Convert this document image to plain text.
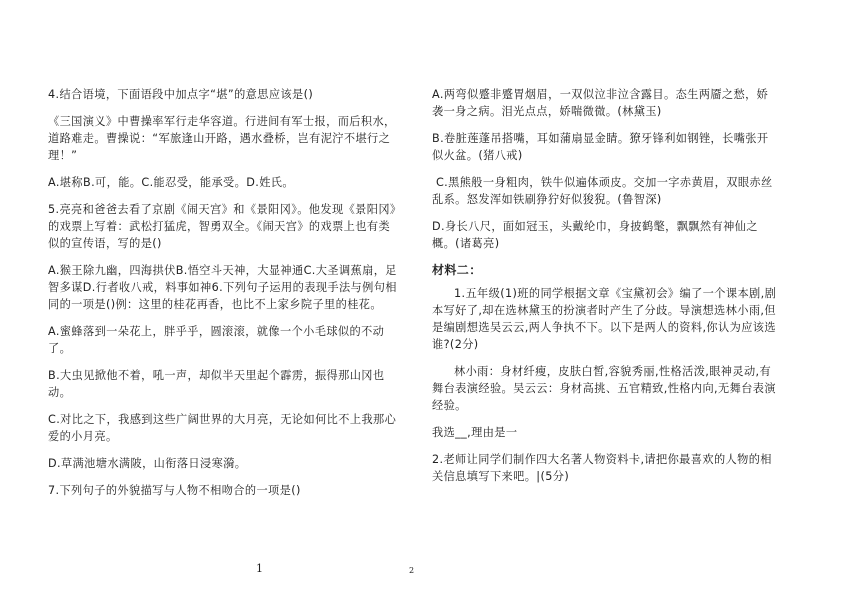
4.结合语境，下面语段中加点字“堪”的意思应该是()

《三国演义》中曹操率军行走华容道。行进间有军士报，而后积水，道路难走。曹操说：“军旅逢山开路，遇水叠桥，岂有泥泞不堪行之理！”

A.堪称B.可，能。C.能忍受，能承受。D.姓氏。

5.亮亮和爸爸去看了京剧《闹天宫》和《景阳冈》。他发现《景阳冈》的戏票上写着：武松打猛虎，智勇双全。《闹天宫》的戏票上也有类似的宣传语，写的是()

A.猴王除九幽，四海拱伏B.悟空斗天神，大显神通C.大圣调蕉扇，足智多谋D.行者收八戒，料事如神6.下列句子运用的表现手法与例句相同的一项是()例：这里的桂花再香，也比不上家乡院子里的桂花。

A.蜜蜂落到一朵花上，胖乎乎，圆滚滚，就像一个小毛球似的不动了。

B.大虫见掀他不着，吼一声，却似半天里起个霹雳，振得那山冈也动。

C.对比之下，我感到这些广阔世界的大月亮，无论如何比不上我那心爱的小月亮。

D.草满池塘水满陂，山衔落日浸寒漪。

7.下列句子的外貌描写与人物不相吻合的一项是()

A.两弯似蹙非蹙胃烟眉，一双似泣非泣含露目。态生两靥之愁，娇袭一身之病。泪光点点，娇喘微微。(林黛玉)

B.卷脏莲蓬吊搭嘴，耳如蒲扇显金睛。獠牙锋利如钢锉，长嘴张开似火盆。(猪八戒)

C.黑熊般一身粗肉，铁牛似遍体顽皮。交加一字赤黄眉，双眼赤丝乱系。怒发浑如铁刷狰狞好似狻猊。(鲁智深)

D.身长八尺，面如冠玉，头戴纶巾，身披鹤氅，飘飘然有神仙之概。(诸葛亮)

材料二：

1.五年级(1)班的同学根据文章《宝黛初会》编了一个课本剧,剧本写好了,却在选林黛玉的扮演者时产生了分歧。导演想选林小雨,但是编剧想选吴云云,两人争执不下。以下是两人的资料,你认为应该选谁?(2分)

林小雨：身材纤瘦，皮肤白皙,容貌秀丽,性格活泼,眼神灵动,有舞台表演经验。吴云云：身材高挑、五官精致,性格内向,无舞台表演经验。

我选__,理由是一

2.老师让同学们制作四大名著人物资料卡,请把你最喜欢的人物的相关信息填写下来吧。|(5分)

1	2
